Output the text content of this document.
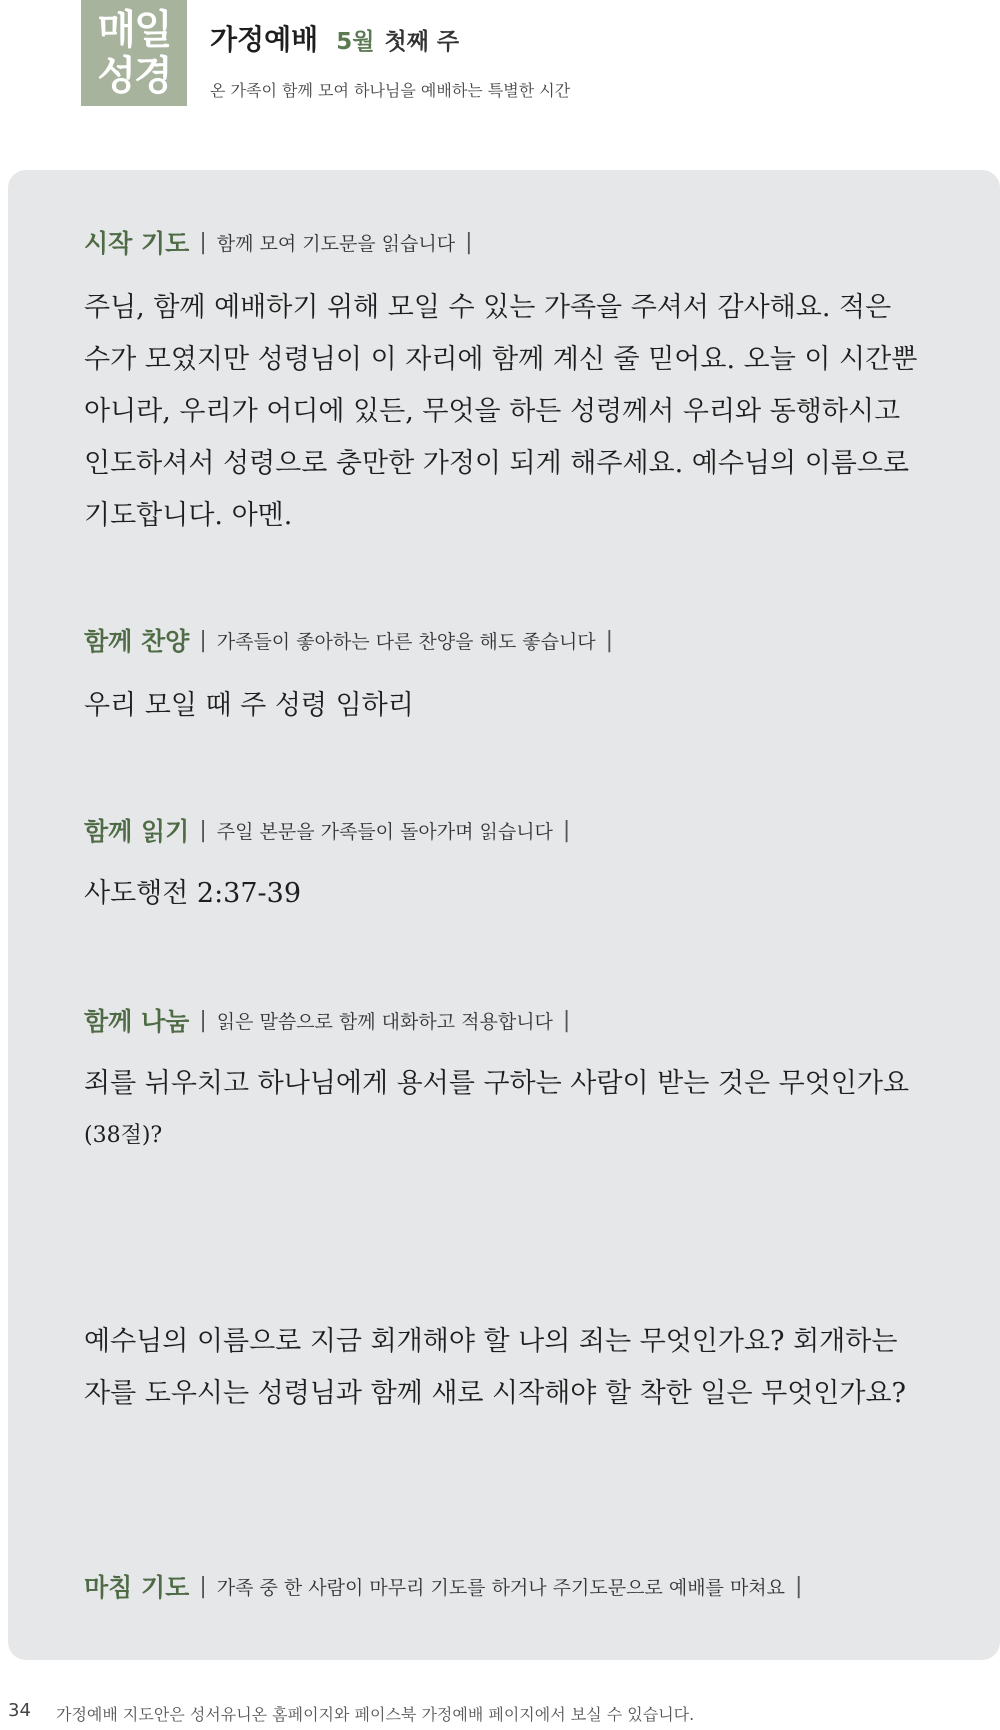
매일
성경
가정예배 5월 첫째 주
온 가족이 함께 모여 하나님을 예배하는 특별한 시간
시작 기도 | 함께 모여 기도문을 읽습니다 |
주님, 함께 예배하기 위해 모일 수 있는 가족을 주셔서 감사해요. 적은 수가 모였지만 성령님이 이 자리에 함께 계신 줄 믿어요. 오늘 이 시간뿐 아니라, 우리가 어디에 있든, 무엇을 하든 성령께서 우리와 동행하시고 인도하셔서 성령으로 충만한 가정이 되게 해주세요. 예수님의 이름으로 기도합니다. 아멘.
함께 찬양 | 가족들이 좋아하는 다른 찬양을 해도 좋습니다 |
우리 모일 때 주 성령 임하리
함께 읽기 | 주일 본문을 가족들이 돌아가며 읽습니다 |
사도행전 2:37-39
함께 나눔 | 읽은 말씀으로 함께 대화하고 적용합니다 |
죄를 뉘우치고 하나님에게 용서를 구하는 사람이 받는 것은 무엇인가요
(38절)?
예수님의 이름으로 지금 회개해야 할 나의 죄는 무엇인가요? 회개하는 자를 도우시는 성령님과 함께 새로 시작해야 할 착한 일은 무엇인가요?
마침 기도 | 가족 중 한 사람이 마무리 기도를 하거나 주기도문으로 예배를 마쳐요 |
34 가정예배 지도안은 성서유니온 홈페이지와 페이스북 가정예배 페이지에서 보실 수 있습니다.
